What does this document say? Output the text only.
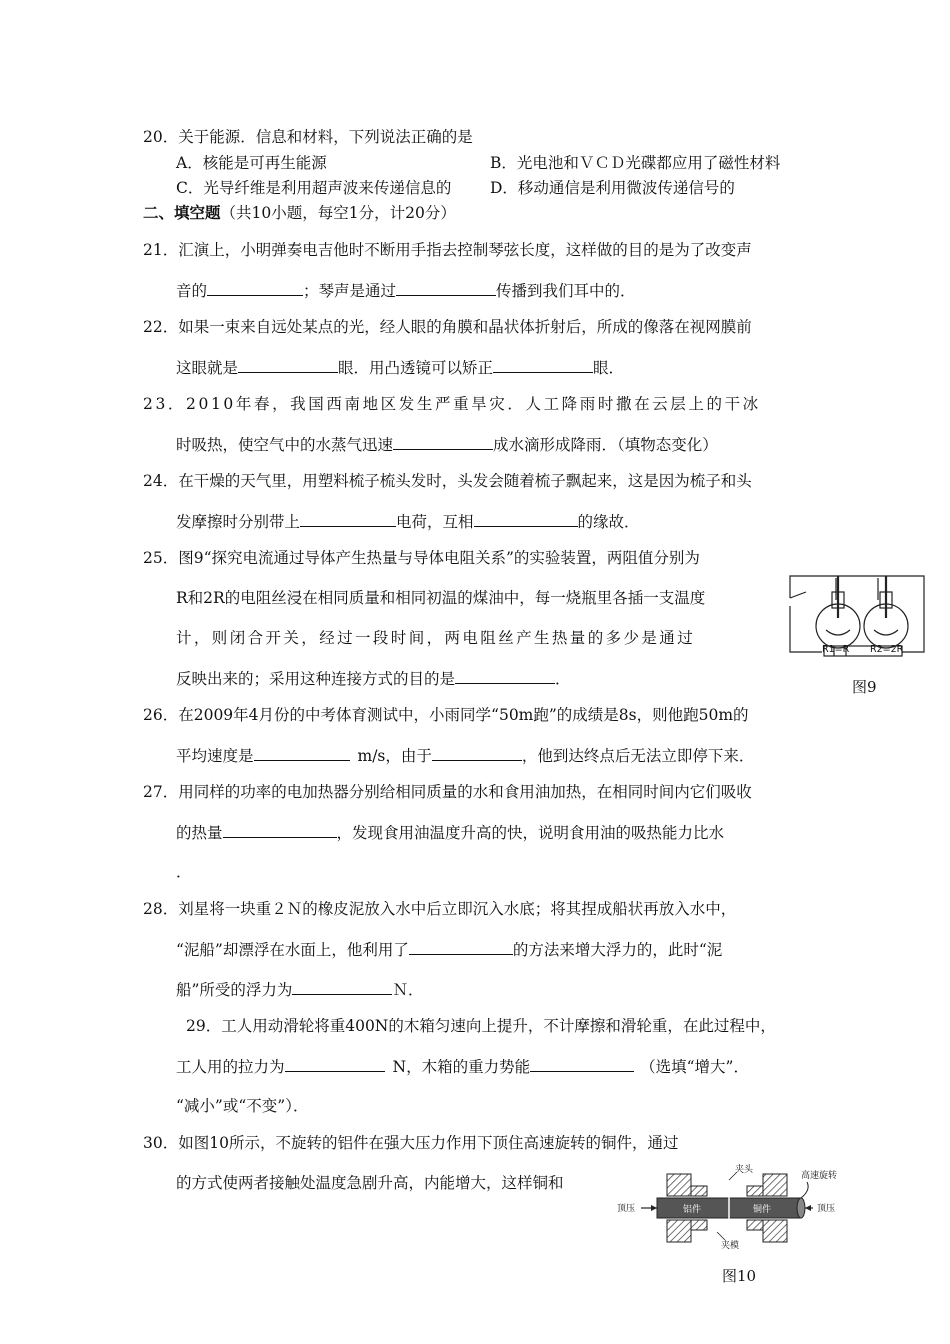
20．关于能源．信息和材料，下列说法正确的是
A．核能是可再生能源	B．光电池和ＶＣＤ光碟都应用了磁性材料
C．光导纤维是利用超声波来传递信息的 D．移动通信是利用微波传递信号的
二、填空题（共10小题，每空1分，计20分）
21．汇演上，小明弹奏电吉他时不断用手指去控制琴弦长度，这样做的目的是为了改变声
音的	；琴声是通过	传播到我们耳中的．
22．如果一束来自远处某点的光，经人眼的角膜和晶状体折射后，所成的像落在视网膜前
这眼就是	眼．用凸透镜可以矫正	眼．
23．2010年春，我国西南地区发生严重旱灾．人工降雨时撒在云层上的干冰
时吸热，使空气中的水蒸气迅速	成水滴形成降雨．（填物态变化）
24．在干燥的天气里，用塑料梳子梳头发时，头发会随着梳子飘起来，这是因为梳子和头
发摩擦时分别带上	电荷，互相	的缘故．
25．图9“探究电流通过导体产生热量与导体电阻关系”的实验装置，两阻值分别为
R和2R的电阻丝浸在相同质量和相同初温的煤油中，每一烧瓶里各插一支温度
计，则闭合开关，经过一段时间，两电阻丝产生热量的多少是通过
反映出来的；采用这种连接方式的目的是	．
R1=R R2=2R
图9
26．在2009年4月份的中考体育测试中，小雨同学“50m跑”的成绩是8s，则他跑50m的
平均速度是	m/s，由于	，他到达终点后无法立即停下来．
27．用同样的功率的电加热器分别给相同质量的水和食用油加热，在相同时间内它们吸收
的热量	，发现食用油温度升高的快，说明食用油的吸热能力比水
．
28．刘星将一块重２Ｎ的橡皮泥放入水中后立即沉入水底；将其捏成船状再放入水中，
“泥船”却漂浮在水面上，他利用了	的方法来增大浮力的，此时“泥
船”所受的浮力为	Ｎ．
29．工人用动滑轮将重400N的木箱匀速向上提升，不计摩擦和滑轮重，在此过程中，
工人用的拉力为	N，木箱的重力势能	（选填“增大”．
“减小”或“不变”）．
30．如图10所示，不旋转的铝件在强大压力作用下顶住高速旋转的铜件，通过
的方式使两者接触处温度急剧升高，内能增大，这样铜和
顶压	顶压
夹头
高速旋转
夹模
铝件	铜件
图10
